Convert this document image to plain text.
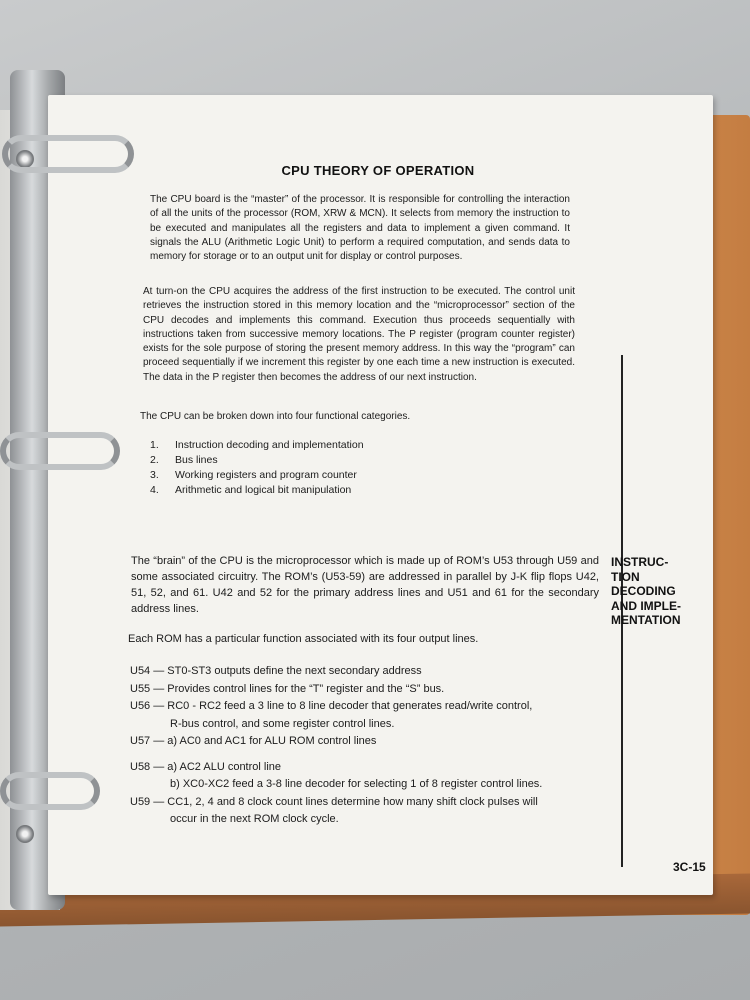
CPU THEORY OF OPERATION
The CPU board is the “master” of the processor. It is responsible for controlling the interaction of all the units of the processor (ROM, XRW & MCN). It selects from memory the instruction to be executed and manipulates all the registers and data to implement a given command. It signals the ALU (Arithmetic Logic Unit) to perform a required computation, and sends data to memory for storage or to an output unit for display or control purposes.
At turn-on the CPU acquires the address of the first instruction to be executed. The control unit retrieves the instruction stored in this memory location and the “microprocessor” section of the CPU decodes and implements this command. Execution thus proceeds sequentially with instructions taken from successive memory locations. The P register (program counter register) exists for the sole purpose of storing the present memory address. In this way the “program” can proceed sequentially if we increment this register by one each time a new instruction is executed. The data in the P register then becomes the address of our next instruction.
The CPU can be broken down into four functional categories.
1.	Instruction decoding and implementation
2.	Bus lines
3.	Working registers and program counter
4.	Arithmetic and logical bit manipulation
The “brain” of the CPU is the microprocessor which is made up of ROM’s U53 through U59 and some associated circuitry. The ROM’s (U53-59) are addressed in parallel by J-K flip flops U42, 51, 52, and 61. U42 and 52 for the primary address lines and U51 and 61 for the secondary address lines.
Each ROM has a particular function associated with its four output lines.
U54 — ST0-ST3 outputs define the next secondary address
U55 — Provides control lines for the “T” register and the “S” bus.
U56 — RC0 - RC2 feed a 3 line to 8 line decoder that generates read/write control,
R-bus control, and some register control lines.
U57 — a) AC0 and AC1 for ALU ROM control lines
U58 — a) AC2 ALU control line
b) XC0-XC2 feed a 3-8 line decoder for selecting 1 of 8 register control lines.
U59 — CC1, 2, 4 and 8 clock count lines determine how many shift clock pulses will
occur in the next ROM clock cycle.
INSTRUC-
TION
DECODING
AND IMPLE-
MENTATION
3C-15
